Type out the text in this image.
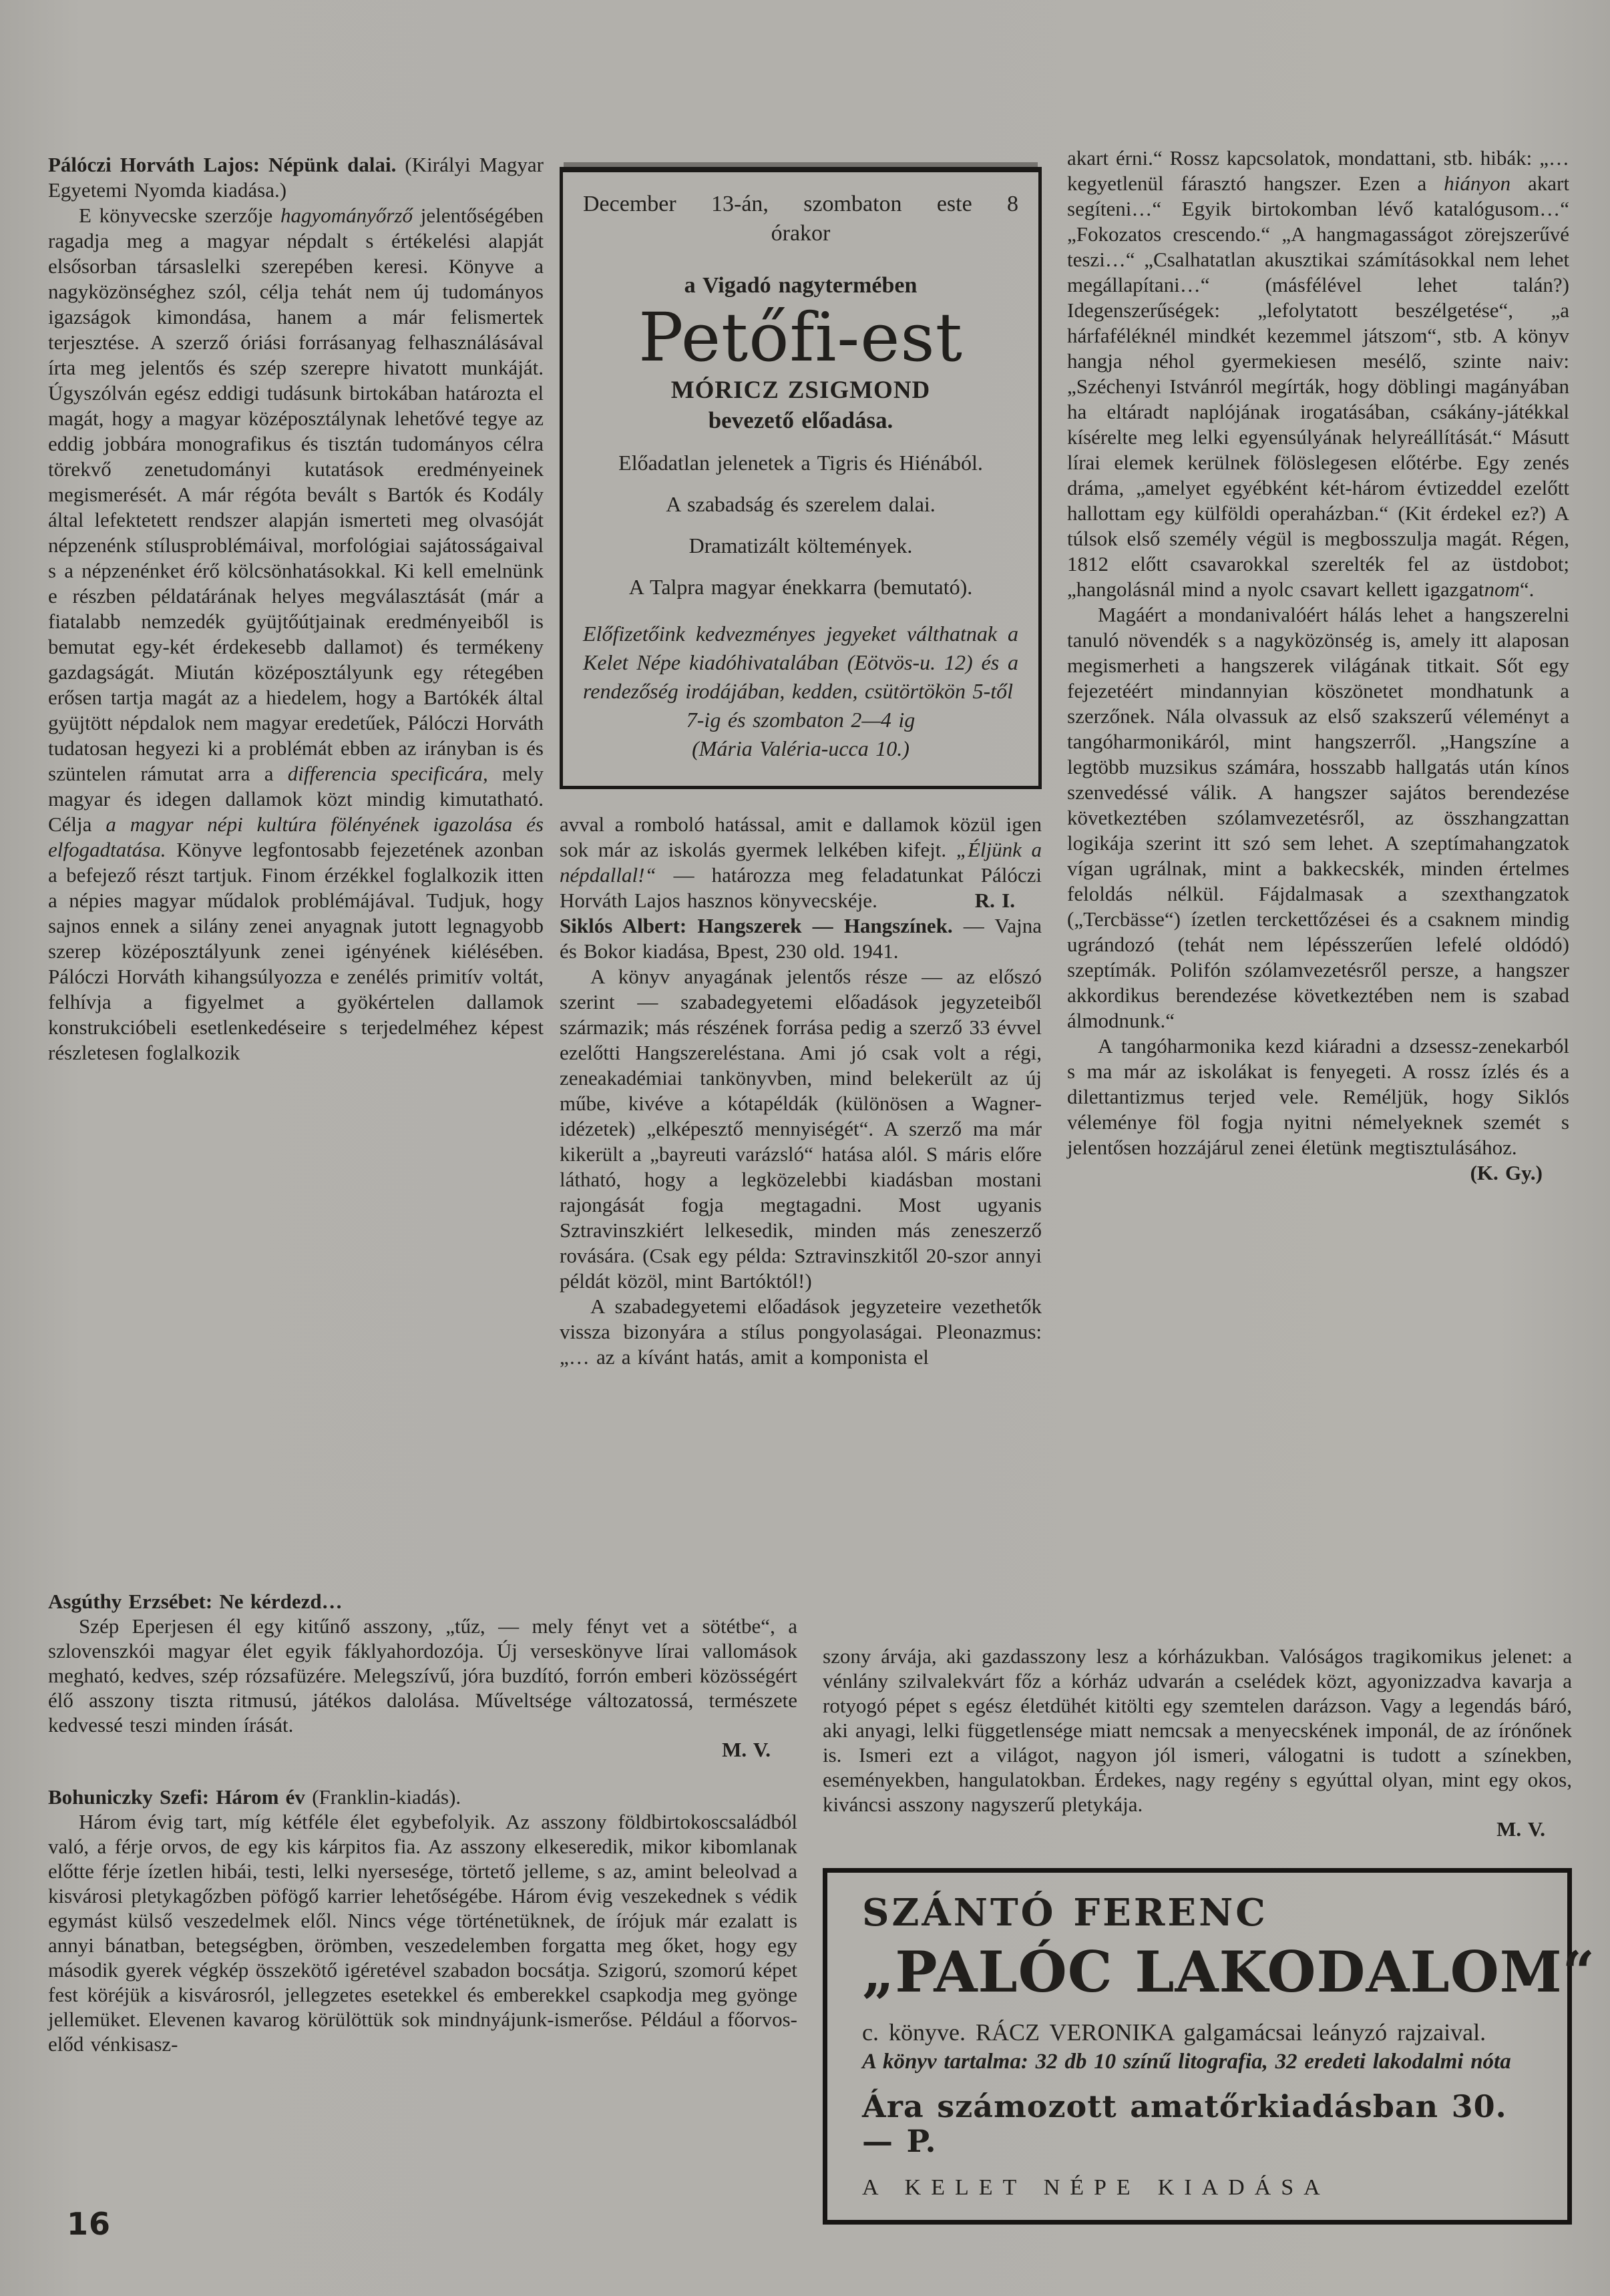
Pálóczi Horváth Lajos: Népünk dalai. (Királyi Magyar Egyetemi Nyomda kiadása.)

E könyvecske szerzője hagyományőrző jelentőségében ragadja meg a magyar népdalt s értékelési alapját elsősorban társaslelki szerepében keresi. Könyve a nagyközönséghez szól, célja tehát nem új tudományos igazságok kimondása, hanem a már felismertek terjesztése. A szerző óriási forrásanyag felhasználásával írta meg jelentős és szép szerepre hivatott munkáját. Úgyszólván egész eddigi tudásunk birtokában határozta el magát, hogy a magyar középosztálynak lehetővé tegye az eddig jobbára monografikus és tisztán tudományos célra törekvő zenetudományi kutatások eredményeinek megismerését. A már régóta bevált s Bartók és Kodály által lefektetett rendszer alapján ismerteti meg olvasóját népzenénk stílusproblémáival, morfológiai sajátosságaival s a népzenénket érő kölcsönhatásokkal. Ki kell emelnünk e részben példatárának helyes megválasztását (már a fiatalabb nemzedék gyüjtőútjainak eredményeiből is bemutat egy-két érdekesebb dallamot) és termékeny gazdagságát. Miután középosztályunk egy rétegében erősen tartja magát az a hiedelem, hogy a Bartókék által gyüjtött népdalok nem magyar eredetűek, Pálóczi Horváth tudatosan hegyezi ki a problémát ebben az irányban is és szüntelen rámutat arra a differencia specificára, mely magyar és idegen dallamok közt mindig kimutatható. Célja a magyar népi kultúra fölényének igazolása és elfogadtatása. Könyve legfontosabb fejezetének azonban a befejező részt tartjuk. Finom érzékkel foglalkozik itten a népies magyar műdalok problémájával. Tudjuk, hogy sajnos ennek a silány zenei anyagnak jutott legnagyobb szerep középosztályunk zenei igényének kiélésében. Pálóczi Horváth kihangsúlyozza e zenélés primitív voltát, felhívja a figyelmet a gyökértelen dallamok konstrukcióbeli esetlenkedéseire s terjedelméhez képest részletesen foglalkozik

December 13-án, szombaton este 8

órakor

a Vigadó nagytermében

Petőfi-est

MÓRICZ ZSIGMOND

bevezető előadása.

Előadatlan jelenetek a Tigris és Hiénából.

A szabadság és szerelem dalai.

Dramatizált költemények.

A Talpra magyar énekkarra (bemutató).

Előfizetőink kedvezményes jegyeket válthatnak a Kelet Népe kiadóhivatalában (Eötvös-u. 12) és a rendezőség irodájában, kedden, csütörtökön 5-től

7-ig és szombaton 2—4 ig

(Mária Valéria-ucca 10.)

avval a romboló hatással, amit e dallamok közül igen sok már az iskolás gyermek lelkében kifejt. „Éljünk a népdallal!“ — határozza meg feladatunkat Pálóczi Horváth Lajos hasznos könyvecskéje.	R. I.

Siklós Albert: Hangszerek — Hangszínek. — Vajna és Bokor kiadása, Bpest, 230 old. 1941.

A könyv anyagának jelentős része — az előszó szerint — szabadegyetemi előadások jegyzeteiből származik; más részének forrása pedig a szerző 33 évvel ezelőtti Hangszereléstana. Ami jó csak volt a régi, zeneakadémiai tankönyvben, mind belekerült az új műbe, kivéve a kótapéldák (különösen a Wagner-idézetek) „elképesztő mennyiségét“. A szerző ma már kikerült a „bayreuti varázsló“ hatása alól. S máris előre látható, hogy a legközelebbi kiadásban mostani rajongását fogja megtagadni. Most ugyanis Sztravinszkiért lelkesedik, minden más zeneszerző rovására. (Csak egy példa: Sztravinszkitől 20-szor annyi példát közöl, mint Bartóktól!)

A szabadegyetemi előadások jegyzeteire vezethetők vissza bizonyára a stílus pongyolaságai. Pleonazmus: „… az a kívánt hatás, amit a komponista el

akart érni.“ Rossz kapcsolatok, mondattani, stb. hibák: „… kegyetlenül fárasztó hangszer. Ezen a hiányon akart segíteni…“ Egyik birtokomban lévő katalógusom…“ „Fokozatos crescendo.“ „A hangmagasságot zörejszerűvé teszi…“ „Csalhatatlan akusztikai számításokkal nem lehet megállapítani…“ (másfélével lehet talán?) Idegenszerűségek: „lefolytatott beszélgetése“, „a hárfaféléknél mindkét kezemmel játszom“, stb. A könyv hangja néhol gyermekiesen mesélő, szinte naiv: „Széchenyi Istvánról megírták, hogy döblingi magányában ha eltáradt naplójának irogatásában, csákány-játékkal kísérelte meg lelki egyensúlyának helyreállítását.“ Másutt lírai elemek kerülnek fölöslegesen előtérbe. Egy zenés dráma, „amelyet egyébként két-három évtizeddel ezelőtt hallottam egy külföldi operaházban.“ (Kit érdekel ez?) A túlsok első személy végül is megbosszulja magát. Régen, 1812 előtt csavarokkal szerelték fel az üstdobot; „hangolásnál mind a nyolc csavart kellett igazgatnom“.

Magáért a mondanivalóért hálás lehet a hangszerelni tanuló növendék s a nagyközönség is, amely itt alaposan megismerheti a hangszerek világának titkait. Sőt egy fejezetéért mindannyian köszönetet mondhatunk a szerzőnek. Nála olvassuk az első szakszerű véleményt a tangóharmonikáról, mint hangszerről. „Hangszíne a legtöbb muzsikus számára, hosszabb hallgatás után kínos szenvedéssé válik. A hangszer sajátos berendezése következtében szólamvezetésről, az összhangzattan logikája szerint itt szó sem lehet. A szeptímahangzatok vígan ugrálnak, mint a bakkecskék, minden értelmes feloldás nélkül. Fájdalmasak a szexthangzatok („Tercbässe“) ízetlen terckettőzései és a csaknem mindig ugrándozó (tehát nem lépésszerűen lefelé oldódó) szeptímák. Polifón szólamvezetésről persze, a hangszer akkordikus berendezése következtében nem is szabad álmodnunk.“

A tangóharmonika kezd kiáradni a dzsessz-zenekarból s ma már az iskolákat is fenyegeti. A rossz ízlés és a dilettantizmus terjed vele. Reméljük, hogy Siklós véleménye föl fogja nyitni némelyeknek szemét s jelentősen hozzájárul zenei életünk megtisztulásához.

(K. Gy.)

Asgúthy Erzsébet: Ne kérdezd…

Szép Eperjesen él egy kitűnő asszony, „tűz, — mely fényt vet a sötétbe“, a szlovenszkói magyar élet egyik fáklyahordozója. Új verseskönyve lírai vallomások megható, kedves, szép rózsafüzére. Melegszívű, jóra buzdító, forrón emberi közösségért élő asszony tiszta ritmusú, játékos dalolása. Műveltsége változatossá, természete kedvessé teszi minden írását.

M. V.

Bohuniczky Szefi: Három év (Franklin-kiadás).

Három évig tart, míg kétféle élet egybefolyik. Az asszony földbirtokoscsaládból való, a férje orvos, de egy kis kárpitos fia. Az asszony elkeseredik, mikor kibomlanak előtte férje ízetlen hibái, testi, lelki nyersesége, törtető jelleme, s az, amint beleolvad a kisvárosi pletykagőzben pöfögő karrier lehetőségébe. Három évig veszekednek s védik egymást külső veszedelmek elől. Nincs vége történetüknek, de írójuk már ezalatt is annyi bánatban, betegségben, örömben, veszedelemben forgatta meg őket, hogy egy második gyerek végkép összekötő igéretével szabadon bocsátja. Szigorú, szomorú képet fest köréjük a kisvárosról, jellegzetes esetekkel és emberekkel csapkodja meg gyönge jellemüket. Elevenen kavarog körülöttük sok mindnyájunk-ismerőse. Például a főorvos-előd vénkisasz-

szony árvája, aki gazdasszony lesz a kórházukban. Valóságos tragikomikus jelenet: a vénlány szilvalekvárt főz a kórház udvarán a cselédek közt, agyonizzadva kavarja a rotyogó pépet s egész életdühét kitölti egy szemtelen darázson. Vagy a legendás báró, aki anyagi, lelki függetlensége miatt nemcsak a menyecskének imponál, de az írónőnek is. Ismeri ezt a világot, nagyon jól ismeri, válogatni is tudott a színekben, eseményekben, hangulatokban. Érdekes, nagy regény s egyúttal olyan, mint egy okos, kiváncsi asszony nagyszerű pletykája.

M. V.

SZÁNTÓ FERENC

„PALÓC LAKODALOM“

c. könyve. RÁCZ VERONIKA galgamácsai leányzó rajzaival.

A könyv tartalma: 32 db 10 színű litografia, 32 eredeti lakodalmi nóta

Ára számozott amatőrkiadásban 30.— P.

A KELET NÉPE KIADÁSA

16
